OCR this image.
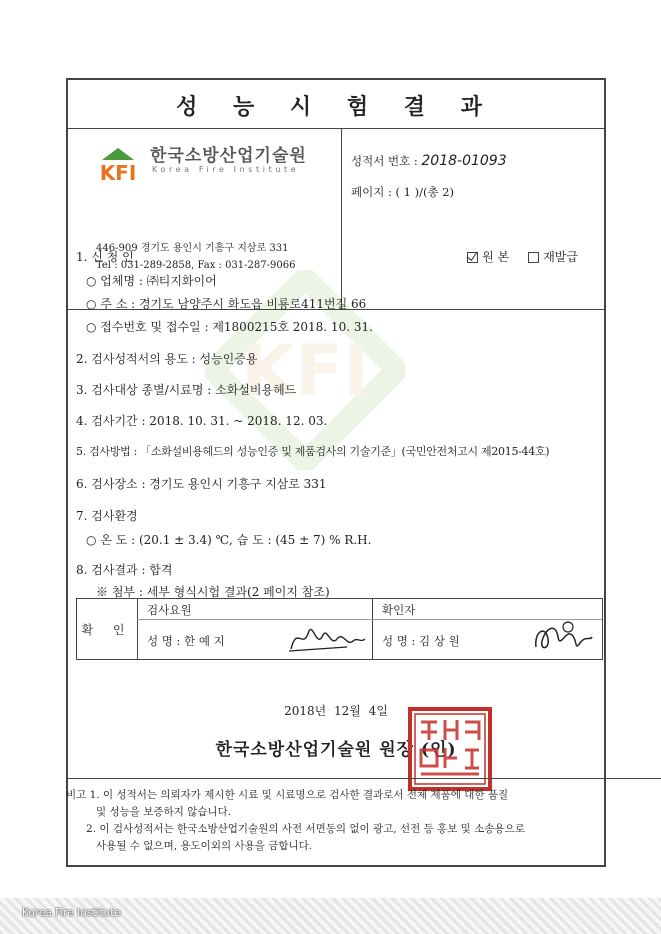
KFI
성 능 시 험 결 과
KFI
한국소방산업기술원
Korea Fire Institute
446-909 경기도 용인시 기흥구 지삼로 331
Tel : 031-289-2858, Fax : 031-287-9066
성적서 번호 : 2018-01093
페이지 : ( 1 )/(총 2)
원 본	재발급
1. 신 청 인
○ 업체명 : ㈜티지화이어
○ 주 소 : 경기도 남양주시 화도읍 비룡로411번길 66
○ 접수번호 및 접수일 : 제1800215호 2018. 10. 31.
2. 검사성적서의 용도 : 성능인증용
3. 검사대상 종별/시료명 : 소화설비용헤드
4. 검사기간 : 2018. 10. 31. ~ 2018. 12. 03.
5. 검사방법 : 「소화설비용헤드의 성능인증 및 제품검사의 기술기준」(국민안전처고시 제2015-44호)
6. 검사장소 : 경기도 용인시 기흥구 지삼로 331
7. 검사환경
○ 온 도 : (20.1 ± 3.4) ℃, 습 도 : (45 ± 7) % R.H.
8. 검사결과 : 합격
※ 첨부 : 세부 형식시험 결과(2 페이지 참조)
확 인
검사요원
성 명 : 한 예 지
확인자
성 명 : 김 상 원
2018년 12월 4일
한국소방산업기술원 원장 (인)
비고 1. 이 성적서는 의뢰자가 제시한 시료 및 시료명으로 검사한 결과로서 전체 제품에 대한 품질
및 성능을 보증하지 않습니다.
2. 이 검사성적서는 한국소방산업기술원의 사전 서면동의 없이 광고, 선전 등 홍보 및 소송용으로
사용될 수 없으며, 용도이외의 사용을 금합니다.
Korea Fire Institute
